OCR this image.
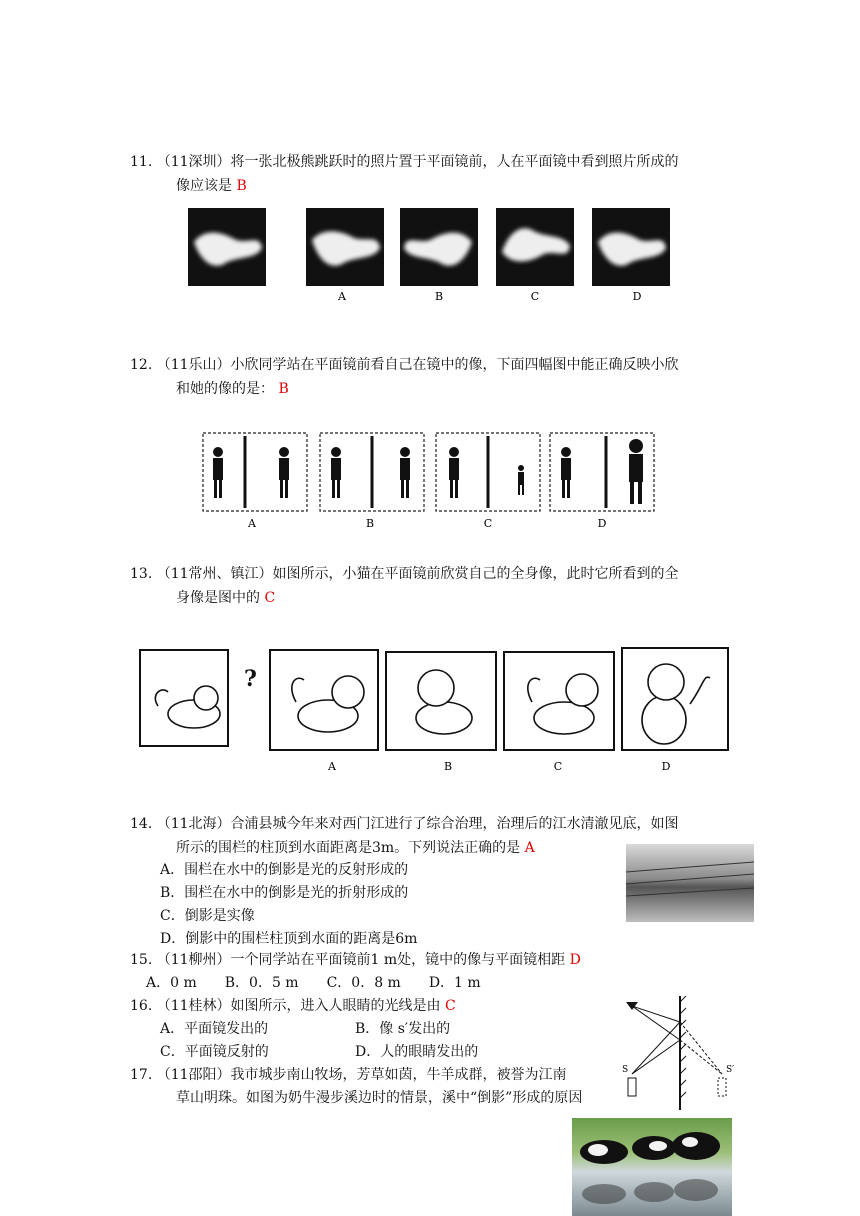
11. （11深圳）将一张北极熊跳跃时的照片置于平面镜前，人在平面镜中看到照片所成的
像应该是 B
A	B	C	D
12. （11乐山）小欣同学站在平面镜前看自己在镜中的像，下面四幅图中能正确反映小欣
和她的像的是： B
A	B	C	D
13. （11常州、镇江）如图所示，小猫在平面镜前欣赏自己的全身像，此时它所看到的全
身像是图中的 C
?
A	B	C	D
14. （11北海）合浦县城今年来对西门江进行了综合治理，治理后的江水清澈见底，如图
所示的围栏的柱顶到水面距离是3m。下列说法正确的是 A
A．围栏在水中的倒影是光的反射形成的
B．围栏在水中的倒影是光的折射形成的
C．倒影是实像
D．倒影中的围栏柱顶到水面的距离是6m
15. （11柳州）一个同学站在平面镜前1 m处，镜中的像与平面镜相距 D
A．0 m　　B．0．5 m　　C．0．8 m　　D．1 m
16. （11桂林）如图所示，进入人眼睛的光线是由 C
A．平面镜发出的	B．像 s′发出的
C．平面镜反射的	D．人的眼睛发出的
S	S′
17. （11邵阳）我市城步南山牧场，芳草如茵，牛羊成群，被誉为江南
草山明珠。如图为奶牛漫步溪边时的情景，溪中“倒影”形成的原因
